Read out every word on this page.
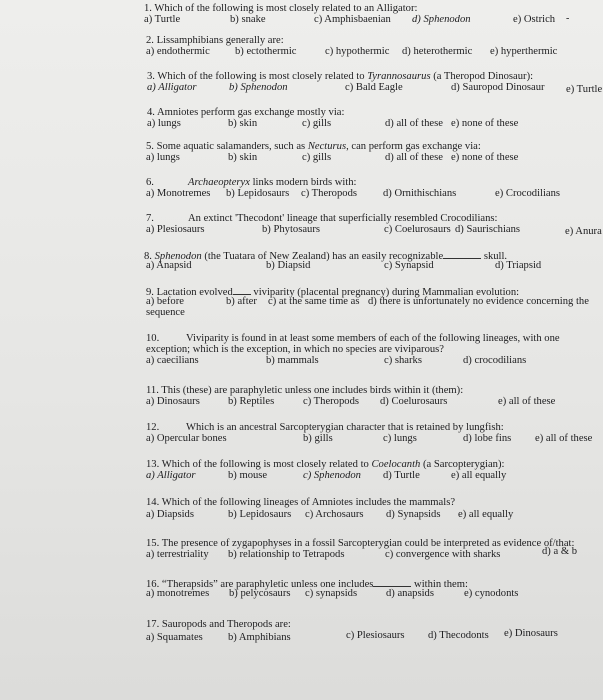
1. Which of the following is most closely related to an Alligator:
a) Turtle	b) snake	c) Amphisbaenian d) Sphenodon	e) Ostrich -
2. Lissamphibians generally are:
a) endothermic b) ectothermic	c) hypothermic d) heterothermic e) hyperthermic
3. Which of the following is most closely related to Tyrannosaurus (a Theropod Dinosaur):
a) Alligator	b) Sphenodon	c) Bald Eagle	d) Sauropod Dinosaur e) Turtle
4. Amniotes perform gas exchange mostly via:
a) lungs	b) skin	c) gills	d) all of these e) none of these
5. Some aquatic salamanders, such as Necturus, can perform gas exchange via:
a) lungs	b) skin	c) gills	d) all of these e) none of these
6.	Archaeopteryx links modern birds with:
a) Monotremes b) Lepidosaurs c) Theropods d) Ornithischians	e) Crocodilians
7.	An extinct 'Thecodont' lineage that superficially resembled Crocodilians:
a) Plesiosaurs	b) Phytosaurs	c) Coelurosaurs d) Saurischians	e) Anura
8. Sphenodon (the Tuatara of New Zealand) has an easily recognizable	skull.
a) Anapsid	b) Diapsid	c) Synapsid	d) Triapsid
9. Lactation evolved viviparity (placental pregnancy) during Mammalian evolution:
a) before	b) after c) at the same time as d) there is unfortunately no evidence concerning the
sequence
10.	Viviparity is found in at least some members of each of the following lineages, with one
exception; which is the exception, in which no species are viviparous?
a) caecilians	b) mammals	c) sharks	d) crocodilians
11. This (these) are paraphyletic unless one includes birds within it (them):
a) Dinosaurs	b) Reptiles	c) Theropods d) Coelurosaurs	e) all of these
12.	Which is an ancestral Sarcopterygian character that is retained by lungfish:
a) Opercular bones	b) gills	c) lungs	d) lobe fins e) all of these
13. Which of the following is most closely related to Coelocanth (a Sarcopterygian):
a) Alligator	b) mouse	c) Sphenodon d) Turtle	e) all equally
14. Which of the following lineages of Amniotes includes the mammals?
a) Diapsids	b) Lepidosaurs c) Archosaurs d) Synapsids e) all equally
15. The presence of zygapophyses in a fossil Sarcopterygian could be interpreted as evidence of/that:
a) terrestriality b) relationship to Tetrapods	c) convergence with sharks	d) a & b
16. “Therapsids” are paraphyletic unless one includes	within them:
a) monotremes b) pelycosaurs c) synapsids	d) anapsids	e) cynodonts
17. Sauropods and Theropods are:
a) Squamates b) Amphibians	c) Plesiosaurs d) Thecodonts e) Dinosaurs
